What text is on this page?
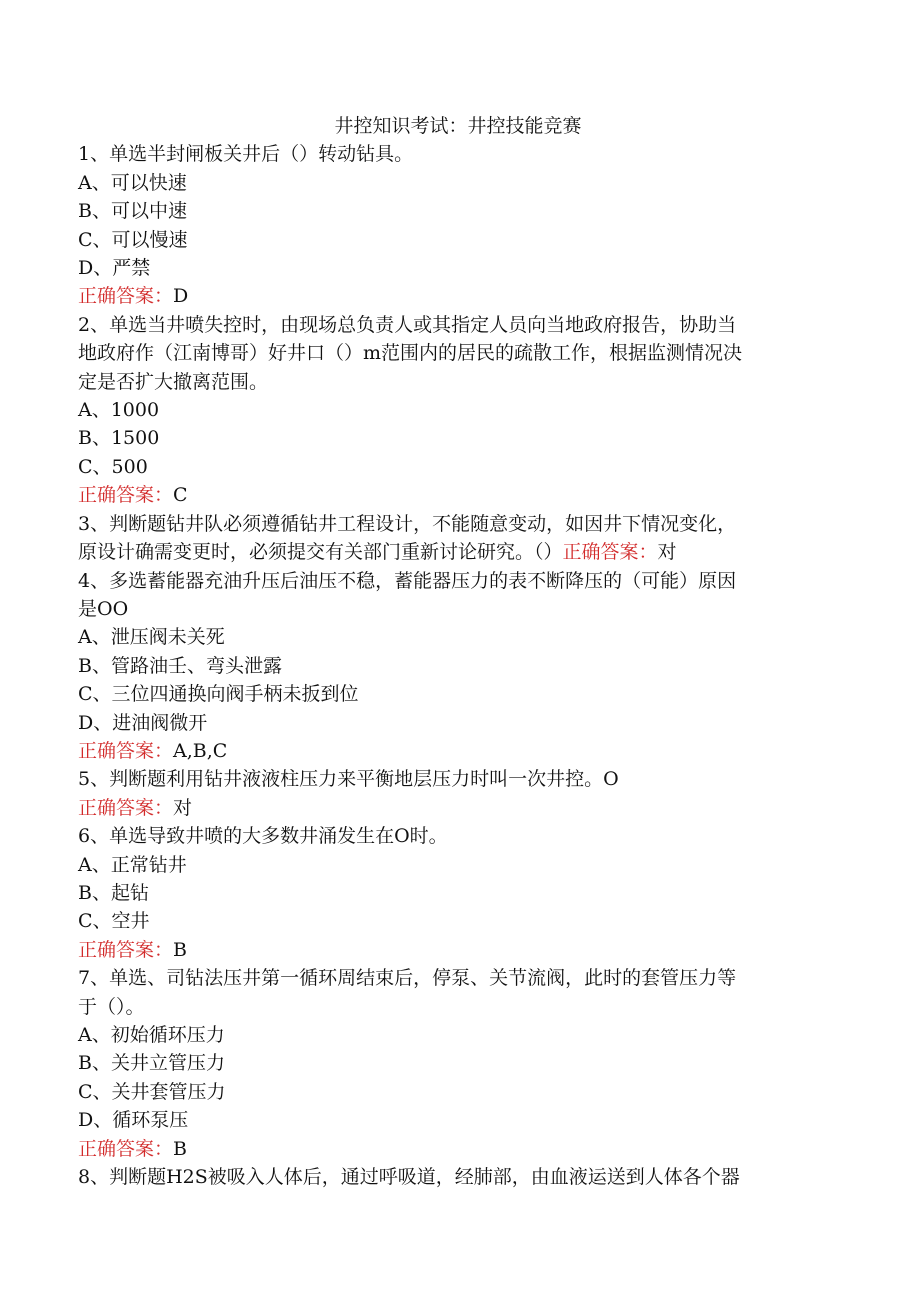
井控知识考试：井控技能竞赛
1、单选半封闸板关井后（）转动钻具。
A、可以快速
B、可以中速
C、可以慢速
D、严禁
正确答案：D
2、单选当井喷失控时，由现场总负责人或其指定人员向当地政府报告，协助当
地政府作（江南博哥）好井口（）m范围内的居民的疏散工作，根据监测情况决
定是否扩大撤离范围。
A、1000
B、1500
C、500
正确答案：C
3、判断题钻井队必须遵循钻井工程设计，不能随意变动，如因井下情况变化，
原设计确需变更时，必须提交有关部门重新讨论研究。（）正确答案：对
4、多选蓄能器充油升压后油压不稳，蓄能器压力的表不断降压的（可能）原因
是OO
A、泄压阀未关死
B、管路油壬、弯头泄露
C、三位四通换向阀手柄未扳到位
D、进油阀微开
正确答案：A,B,C
5、判断题利用钻井液液柱压力来平衡地层压力时叫一次井控。O
正确答案：对
6、单选导致井喷的大多数井涌发生在O时。
A、正常钻井
B、起钻
C、空井
正确答案：B
7、单选、司钻法压井第一循环周结束后，停泵、关节流阀，此时的套管压力等
于（）。
A、初始循环压力
B、关井立管压力
C、关井套管压力
D、循环泵压
正确答案：B
8、判断题H2S被吸入人体后，通过呼吸道，经肺部，由血液运送到人体各个器
